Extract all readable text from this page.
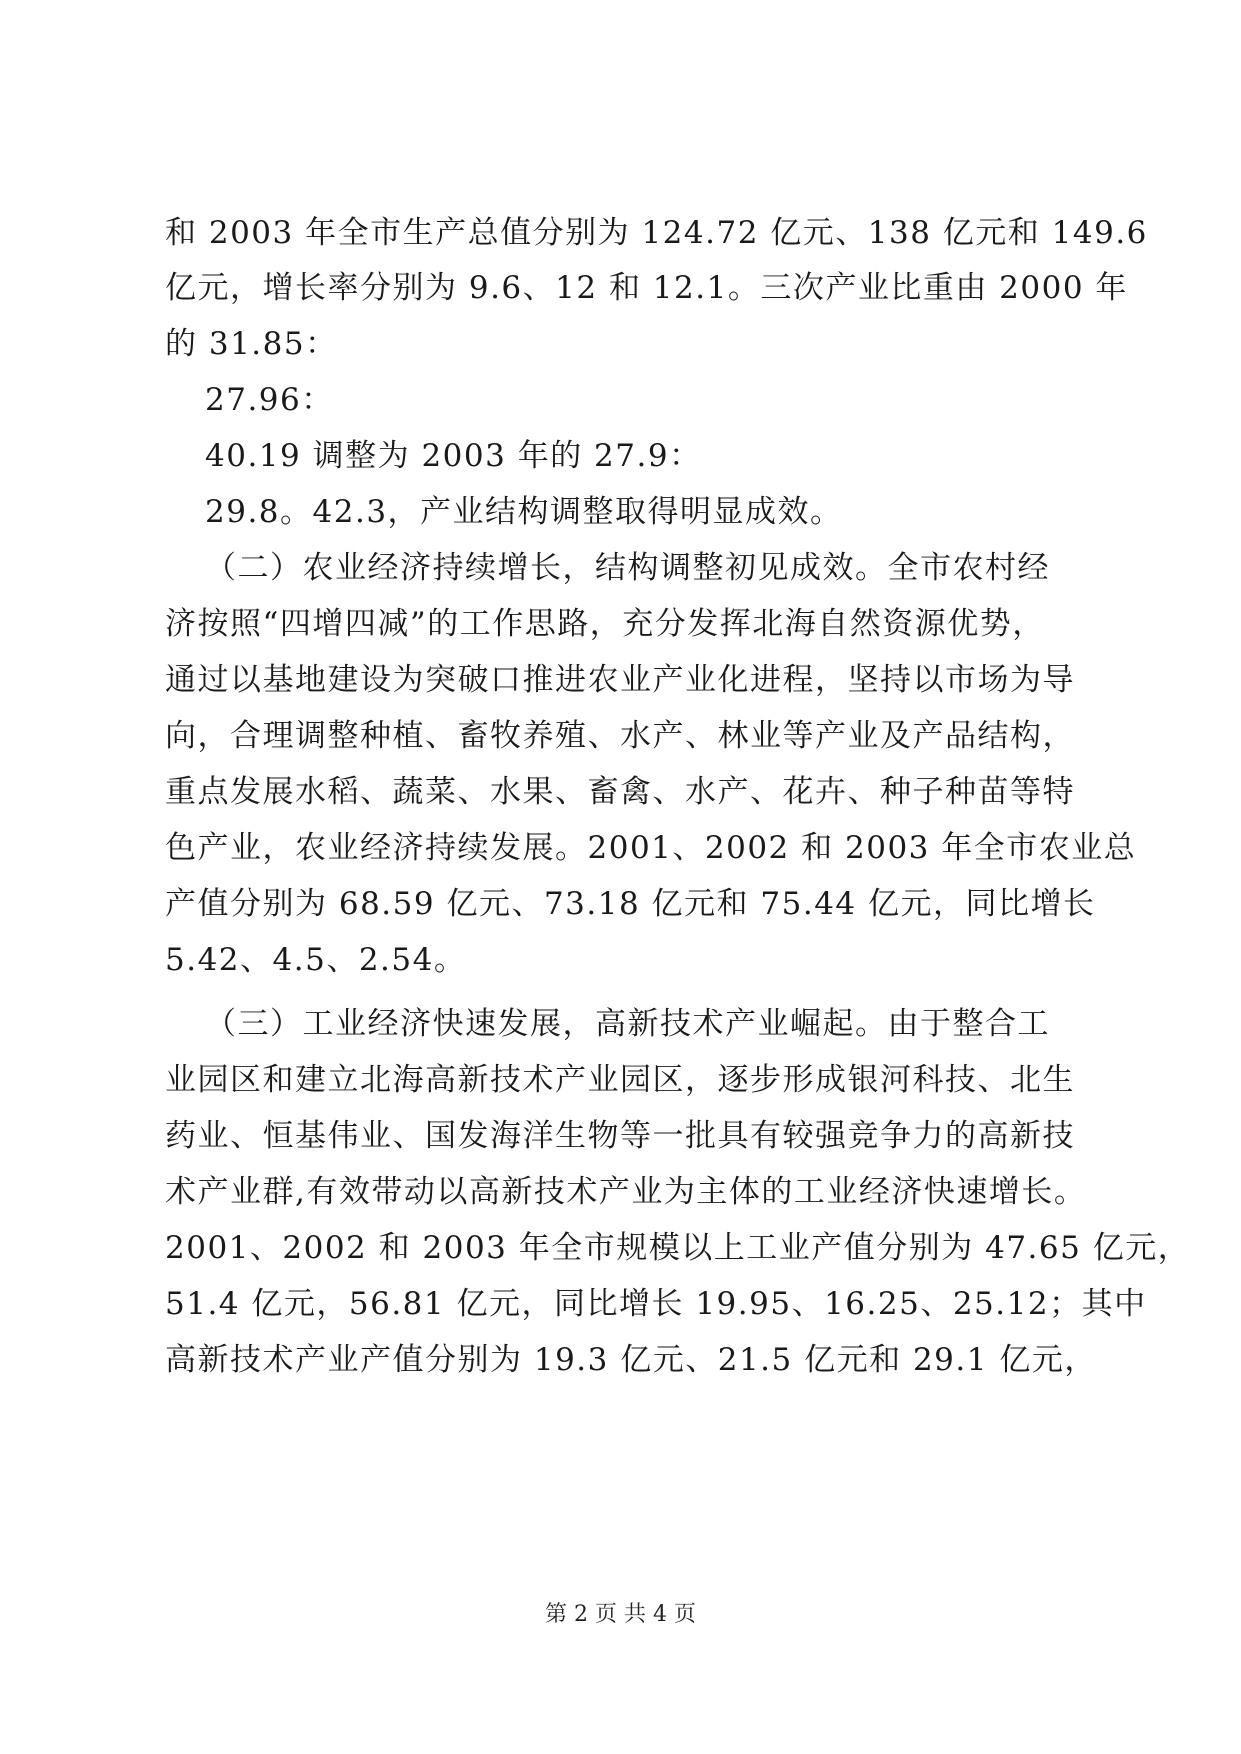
和 2003 年全市生产总值分别为 124.72 亿元、138 亿元和 149.6
亿元，增长率分别为 9.6、12 和 12.1。三次产业比重由 2000 年
的 31.85：
27.96：
40.19 调整为 2003 年的 27.9：
29.8。42.3，产业结构调整取得明显成效。
（二）农业经济持续增长，结构调整初见成效。全市农村经
济按照“四增四减”的工作思路，充分发挥北海自然资源优势，
通过以基地建设为突破口推进农业产业化进程，坚持以市场为导
向，合理调整种植、畜牧养殖、水产、林业等产业及产品结构，
重点发展水稻、蔬菜、水果、畜禽、水产、花卉、种子种苗等特
色产业，农业经济持续发展。2001、2002 和 2003 年全市农业总
产值分别为 68.59 亿元、73.18 亿元和 75.44 亿元，同比增长
5.42、4.5、2.54。
（三）工业经济快速发展，高新技术产业崛起。由于整合工
业园区和建立北海高新技术产业园区，逐步形成银河科技、北生
药业、恒基伟业、国发海洋生物等一批具有较强竞争力的高新技
术产业群,有效带动以高新技术产业为主体的工业经济快速增长。
2001、2002 和 2003 年全市规模以上工业产值分别为 47.65 亿元，
51.4 亿元，56.81 亿元，同比增长 19.95、16.25、25.12；其中
高新技术产业产值分别为 19.3 亿元、21.5 亿元和 29.1 亿元，
第 2 页 共 4 页
